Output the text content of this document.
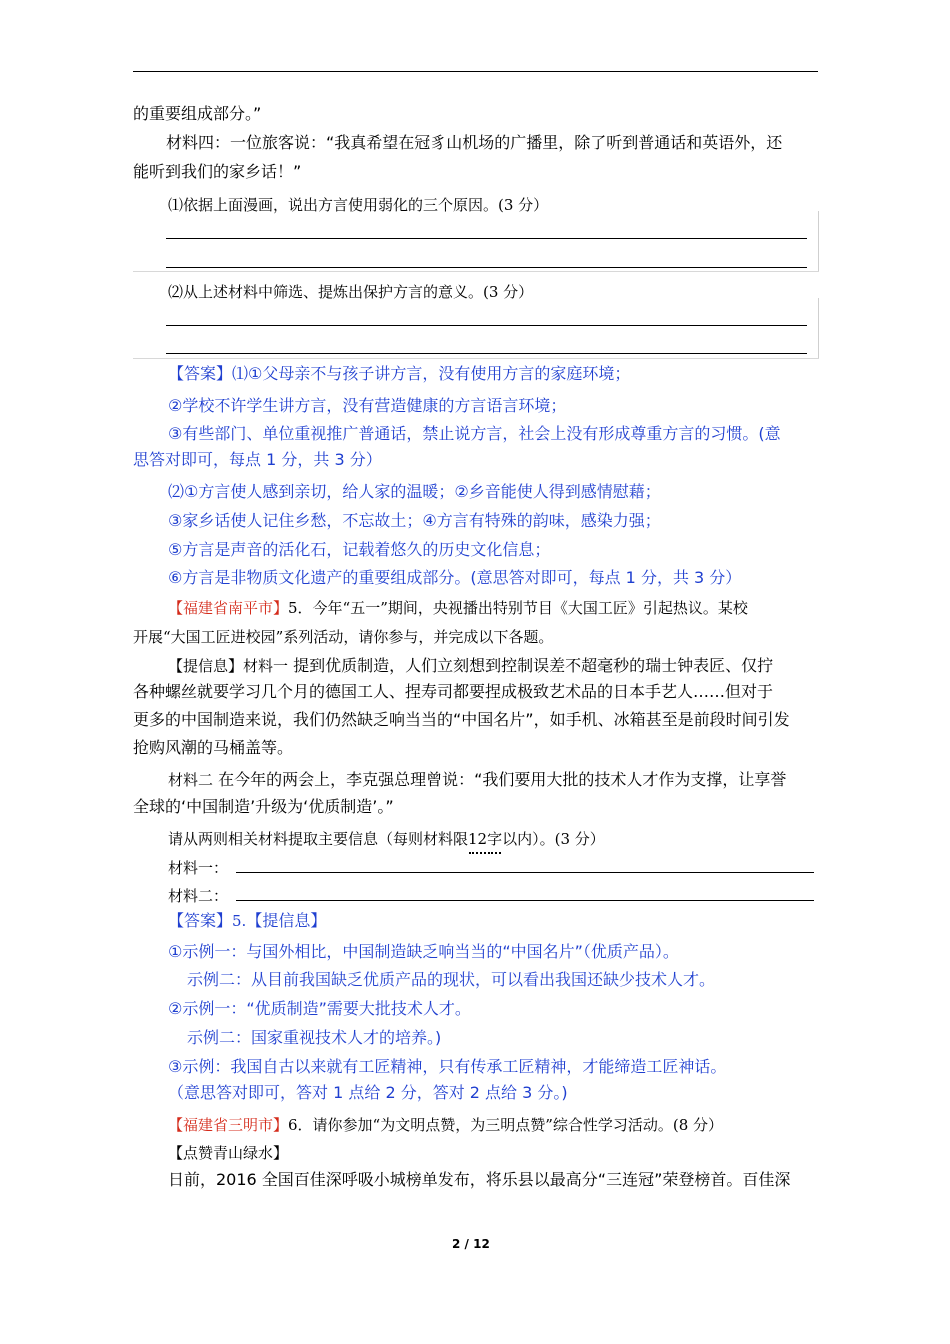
的重要组成部分。”
材料四：一位旅客说：“我真希望在冠豸山机场的广播里，除了听到普通话和英语外，还
能听到我们的家乡话！”
⑴依据上面漫画，说出方言使用弱化的三个原因。(3 分）
⑵从上述材料中筛选、提炼出保护方言的意义。(3 分）
【答案】⑴①父母亲不与孩子讲方言，没有使用方言的家庭环境；
②学校不许学生讲方言，没有营造健康的方言语言环境；
③有些部门、单位重视推广普通话，禁止说方言，社会上没有形成尊重方言的习惯。(意
思答对即可，每点 1 分，共 3 分）
⑵①方言使人感到亲切，给人家的温暖；②乡音能使人得到感情慰藉；
③家乡话使人记住乡愁，不忘故土；④方言有特殊的韵味，感染力强；
⑤方言是声音的活化石，记载着悠久的历史文化信息；
⑥方言是非物质文化遗产的重要组成部分。(意思答对即可，每点 1 分，共 3 分）
【福建省南平市】5．今年“五一”期间，央视播出特别节目《大国工匠》引起热议。某校
开展“大国工匠进校园”系列活动，请你参与，并完成以下各题。
【提信息】材料一 提到优质制造，人们立刻想到控制误差不超毫秒的瑞士钟表匠、仅拧
各种螺丝就要学习几个月的德国工人、捏寿司都要捏成极致艺术品的日本手艺人……但对于
更多的中国制造来说，我们仍然缺乏响当当的“中国名片”，如手机、冰箱甚至是前段时间引发
抢购风潮的马桶盖等。
材料二 在今年的两会上，李克强总理曾说：“我们要用大批的技术人才作为支撑，让享誉
全球的‘中国制造’升级为‘优质制造’。”
请从两则相关材料提取主要信息（每则材料限12字以内）。(3 分）
材料一：
材料二：
【答案】5.【提信息】
①示例一：与国外相比，中国制造缺乏响当当的“中国名片”（优质产品）。
示例二：从目前我国缺乏优质产品的现状，可以看出我国还缺少技术人才。
②示例一：“优质制造”需要大批技术人才。
示例二：国家重视技术人才的培养。)
③示例：我国自古以来就有工匠精神，只有传承工匠精神，才能缔造工匠神话。
（意思答对即可，答对 1 点给 2 分，答对 2 点给 3 分。)
【福建省三明市】6．请你参加“为文明点赞，为三明点赞”综合性学习活动。(8 分）
【点赞青山绿水】
日前，2016 全国百佳深呼吸小城榜单发布，将乐县以最高分“三连冠”荣登榜首。百佳深
2 / 12
